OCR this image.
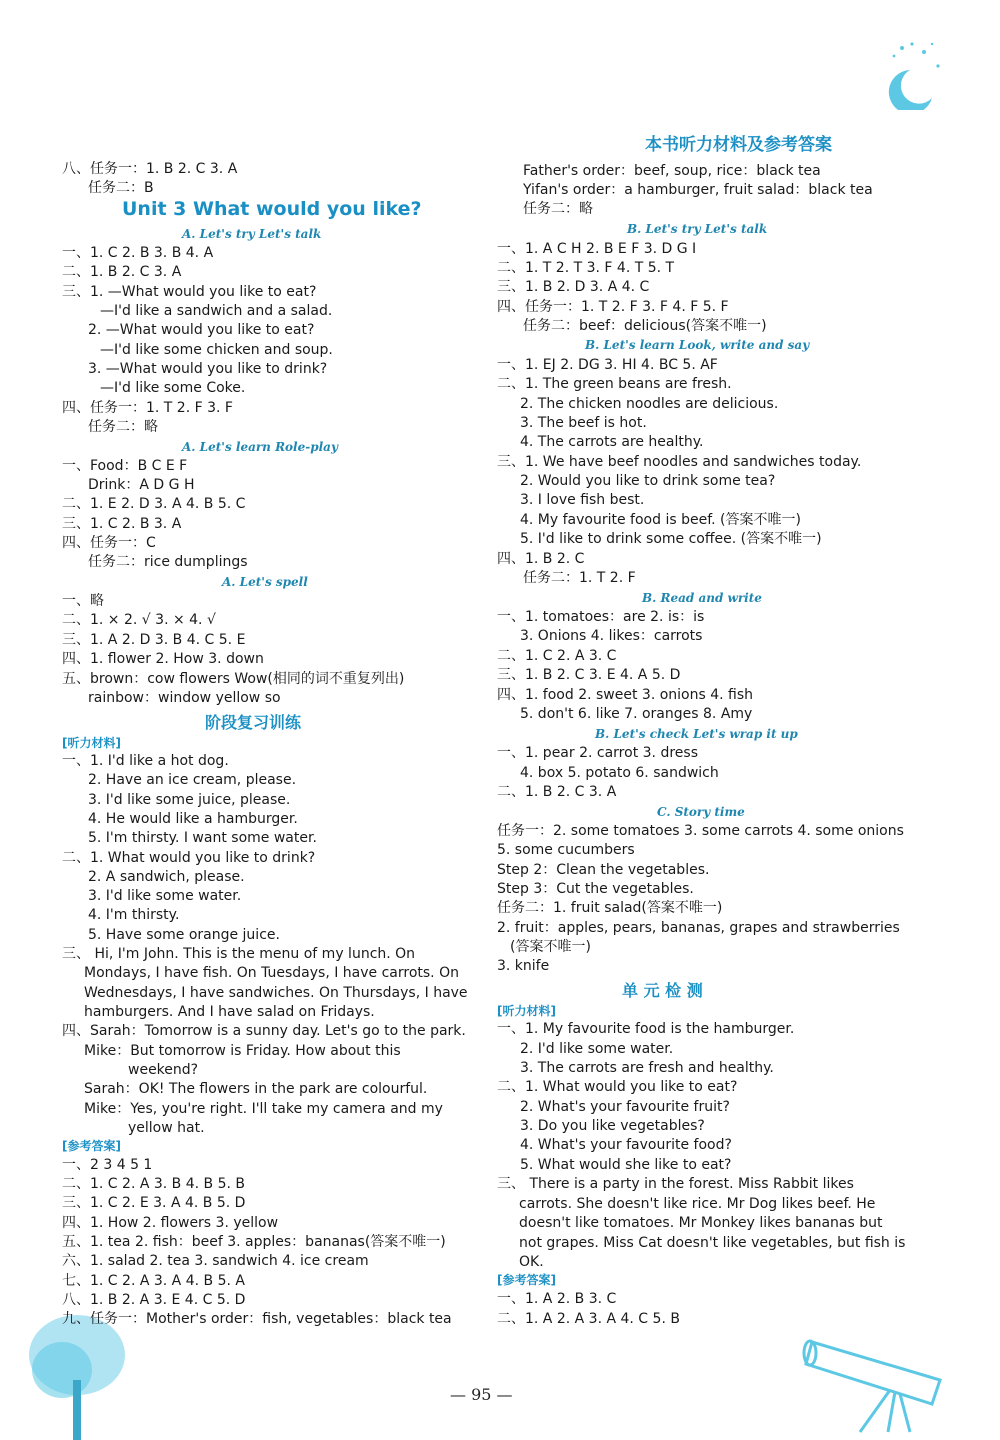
本书听力材料及参考答案
八、任务一：1. B 2. C 3. A
任务二：B
一、1. C 2. B 3. B 4. A
二、1. B 2. C 3. A
三、1. —What would you like to eat?
—I'd like a sandwich and a salad.
2. —What would you like to eat?
—I'd like some chicken and soup.
3. —What would you like to drink?
—I'd like some Coke.
四、任务一：1. T 2. F 3. F
任务二：略
一、Food：B C E F
Drink：A D G H
二、1. E 2. D 3. A 4. B 5. C
三、1. C 2. B 3. A
四、任务一：C
任务二：rice dumplings
一、略
二、1. × 2. √ 3. × 4. √
三、1. A 2. D 3. B 4. C 5. E
四、1. flower 2. How 3. down
五、brown：cow flowers Wow(相同的词不重复列出)
rainbow：window yellow so
一、1. I'd like a hot dog.
2. Have an ice cream, please.
3. I'd like some juice, please.
4. He would like a hamburger.
5. I'm thirsty. I want some water.
二、1. What would you like to drink?
2. A sandwich, please.
3. I'd like some water.
4. I'm thirsty.
5. Have some orange juice.
三、 Hi, I'm John. This is the menu of my lunch. On
Mondays, I have fish. On Tuesdays, I have carrots. On
Wednesdays, I have sandwiches. On Thursdays, I have
hamburgers. And I have salad on Fridays.
四、Sarah：Tomorrow is a sunny day. Let's go to the park.
Mike：But tomorrow is Friday. How about this
weekend?
Sarah：OK! The flowers in the park are colourful.
Mike：Yes, you're right. I'll take my camera and my
yellow hat.
一、2 3 4 5 1
二、1. C 2. A 3. B 4. B 5. B
三、1. C 2. E 3. A 4. B 5. D
四、1. How 2. flowers 3. yellow
五、1. tea 2. fish：beef 3. apples：bananas(答案不唯一)
六、1. salad 2. tea 3. sandwich 4. ice cream
七、1. C 2. A 3. A 4. B 5. A
八、1. B 2. A 3. E 4. C 5. D
九、任务一：Mother's order：fish, vegetables：black tea
Father's order：beef, soup, rice：black tea
Yifan's order：a hamburger, fruit salad：black tea
任务二：略
一、1. A C H 2. B E F 3. D G I
二、1. T 2. T 3. F 4. T 5. T
三、1. B 2. D 3. A 4. C
四、任务一：1. T 2. F 3. F 4. F 5. F
任务二：beef：delicious(答案不唯一)
一、1. EJ 2. DG 3. HI 4. BC 5. AF
二、1. The green beans are fresh.
2. The chicken noodles are delicious.
3. The beef is hot.
4. The carrots are healthy.
三、1. We have beef noodles and sandwiches today.
2. Would you like to drink some tea?
3. I love fish best.
4. My favourite food is beef. (答案不唯一)
5. I'd like to drink some coffee. (答案不唯一)
四、1. B 2. C
任务二：1. T 2. F
一、1. tomatoes：are 2. is：is
3. Onions 4. likes：carrots
二、1. C 2. A 3. C
三、1. B 2. C 3. E 4. A 5. D
四、1. food 2. sweet 3. onions 4. fish
5. don't 6. like 7. oranges 8. Amy
一、1. pear 2. carrot 3. dress
4. box 5. potato 6. sandwich
二、1. B 2. C 3. A
任务一：2. some tomatoes 3. some carrots 4. some onions
5. some cucumbers
Step 2：Clean the vegetables.
Step 3：Cut the vegetables.
任务二：1. fruit salad(答案不唯一)
2. fruit：apples, pears, bananas, grapes and strawberries
(答案不唯一)
3. knife
一、1. My favourite food is the hamburger.
2. I'd like some water.
3. The carrots are fresh and healthy.
二、1. What would you like to eat?
2. What's your favourite fruit?
3. Do you like vegetables?
4. What's your favourite food?
5. What would she like to eat?
三、 There is a party in the forest. Miss Rabbit likes
carrots. She doesn't like rice. Mr Dog likes beef. He
doesn't like tomatoes. Mr Monkey likes bananas but
not grapes. Miss Cat doesn't like vegetables, but fish is
OK.
一、1. A 2. B 3. C
二、1. A 2. A 3. A 4. C 5. B
Unit 3 What would you like?
阶段复习训练
单 元 检 测
A. Let's try Let's talk
A. Let's learn Role-play
A. Let's spell
B. Let's try Let's talk
B. Let's learn Look, write and say
B. Read and write
B. Let's check Let's wrap it up
C. Story time
[听力材料]
[参考答案]
[听力材料]
[参考答案]
— 95 —
